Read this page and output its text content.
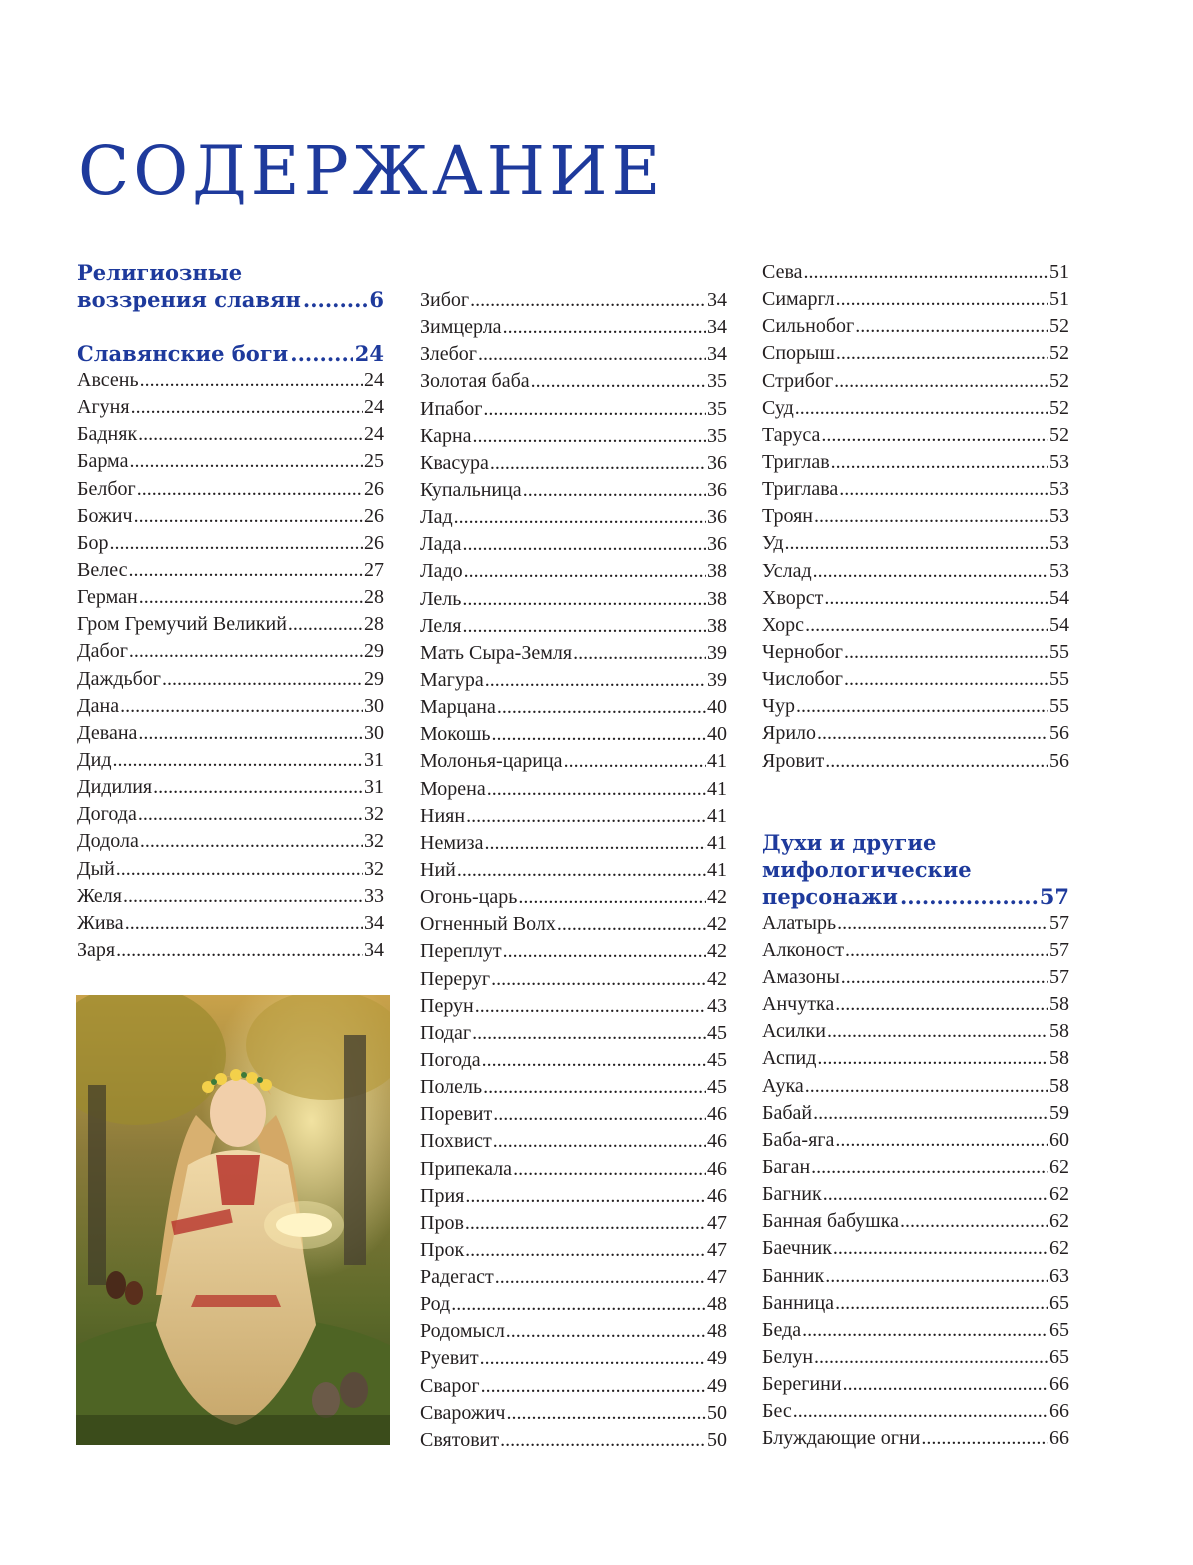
СОДЕРЖАНИЕ
Религиозные
воззрения славян .....	6
Славянские боги .....	24
Авсень .....	24
Агуня .....	24
Бадняк .....	24
Барма .....	25
Белбог .....	26
Божич .....	26
Бор .....	26
Велес .....	27
Герман .....	28
Гром Гремучий Великий .....	28
Дабог .....	29
Даждьбог .....	29
Дана .....	30
Девана .....	30
Дид .....	31
Дидилия .....	31
Догода .....	32
Додола .....	32
Дый .....	32
Желя .....	33
Жива .....	34
Заря .....	34
Зибог .....	34
Зимцерла .....	34
Злебог .....	34
Золотая баба .....	35
Ипабог .....	35
Карна .....	35
Квасура .....	36
Купальница .....	36
Лад .....	36
Лада .....	36
Ладо .....	38
Лель .....	38
Леля .....	38
Мать Сыра-Земля .....	39
Магура .....	39
Марцана .....	40
Мокошь .....	40
Молонья-царица .....	41
Морена .....	41
Ниян .....	41
Немиза .....	41
Ний .....	41
Огонь-царь .....	42
Огненный Волх .....	42
Переплут .....	42
Переруг .....	42
Перун .....	43
Подаг .....	45
Погода .....	45
Полель .....	45
Поревит .....	46
Похвист .....	46
Припекала .....	46
Прия .....	46
Пров .....	47
Прок .....	47
Радегаст .....	47
Род .....	48
Родомысл .....	48
Руевит .....	49
Сварог .....	49
Сварожич .....	50
Святовит .....	50
Сева .....	51
Симаргл .....	51
Сильнобог .....	52
Спорыш .....	52
Стрибог .....	52
Суд .....	52
Таруса .....	52
Триглав .....	53
Триглава .....	53
Троян .....	53
Уд .....	53
Услад .....	53
Хворст .....	54
Хорс .....	54
Чернобог .....	55
Числобог .....	55
Чур .....	55
Ярило .....	56
Яровит .....	56
Духи и другие
мифологические
персонажи .....	57
Алатырь .....	57
Алконост .....	57
Амазоны .....	57
Анчутка .....	58
Асилки .....	58
Аспид .....	58
Аука .....	58
Бабай .....	59
Баба-яга .....	60
Баган .....	62
Багник .....	62
Банная бабушка .....	62
Баечник .....	62
Банник .....	63
Банница .....	65
Беда .....	65
Белун .....	65
Берегини .....	66
Бес .....	66
Блуждающие огни .....	66
